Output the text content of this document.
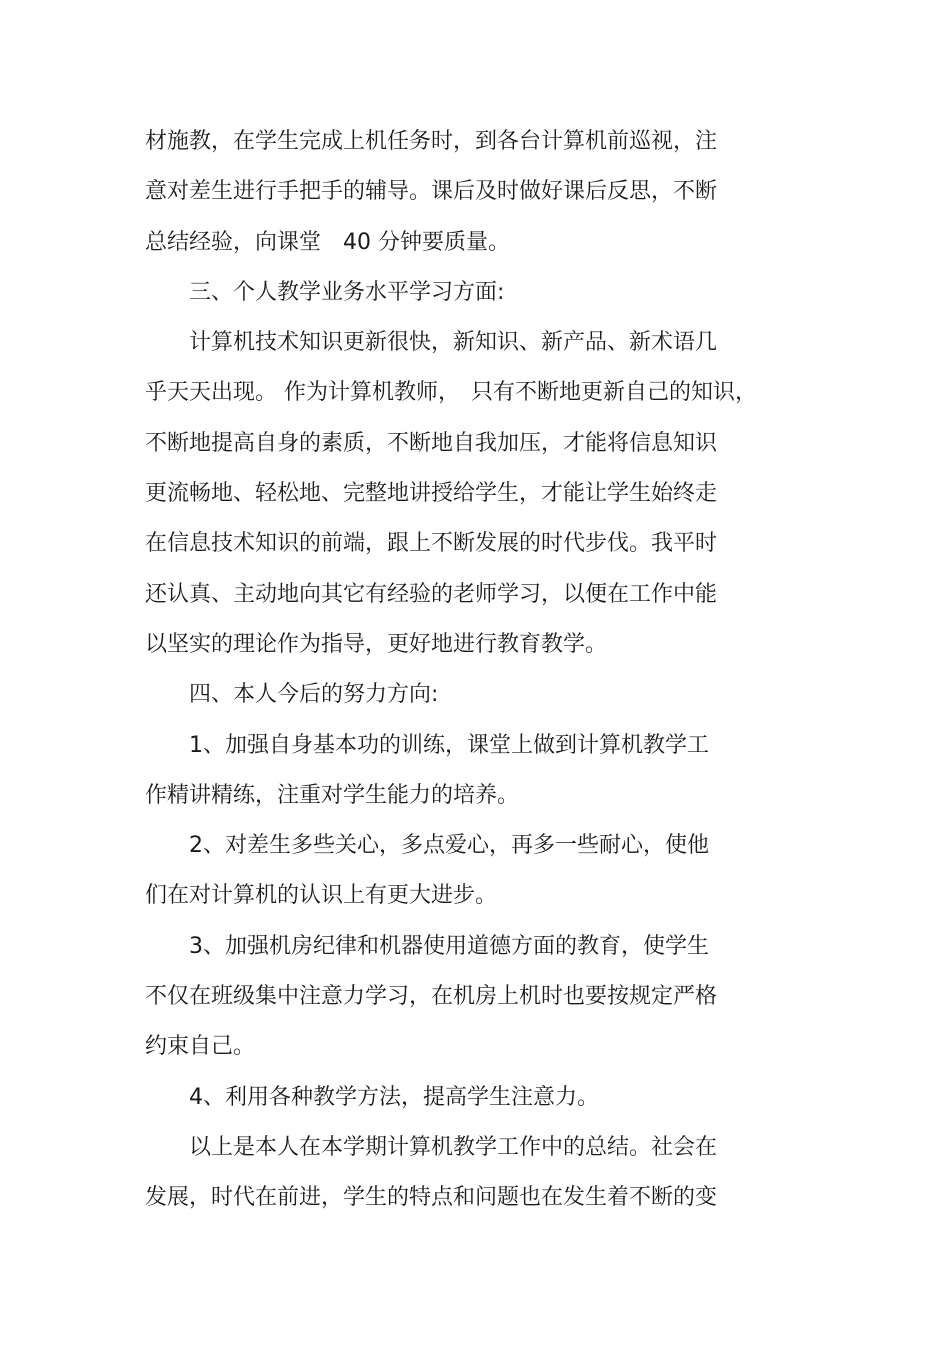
材施教，在学生完成上机任务时，到各台计算机前巡视，注
意对差生进行手把手的辅导。课后及时做好课后反思，不断
总结经验，向课堂　40 分钟要质量。
　　三、个人教学业务水平学习方面:
　　计算机技术知识更新很快，新知识、新产品、新术语几
乎天天出现。 作为计算机教师，　只有不断地更新自己的知识，
不断地提高自身的素质，不断地自我加压，才能将信息知识
更流畅地、轻松地、完整地讲授给学生，才能让学生始终走
在信息技术知识的前端，跟上不断发展的时代步伐。我平时
还认真、主动地向其它有经验的老师学习，以便在工作中能
以坚实的理论作为指导，更好地进行教育教学。
　　四、本人今后的努力方向:
　　1、加强自身基本功的训练，课堂上做到计算机教学工
作精讲精练，注重对学生能力的培养。
　　2、对差生多些关心，多点爱心，再多一些耐心，使他
们在对计算机的认识上有更大进步。
　　3、加强机房纪律和机器使用道德方面的教育，使学生
不仅在班级集中注意力学习，在机房上机时也要按规定严格
约束自己。
　　4、利用各种教学方法，提高学生注意力。
　　以上是本人在本学期计算机教学工作中的总结。社会在
发展，时代在前进，学生的特点和问题也在发生着不断的变
